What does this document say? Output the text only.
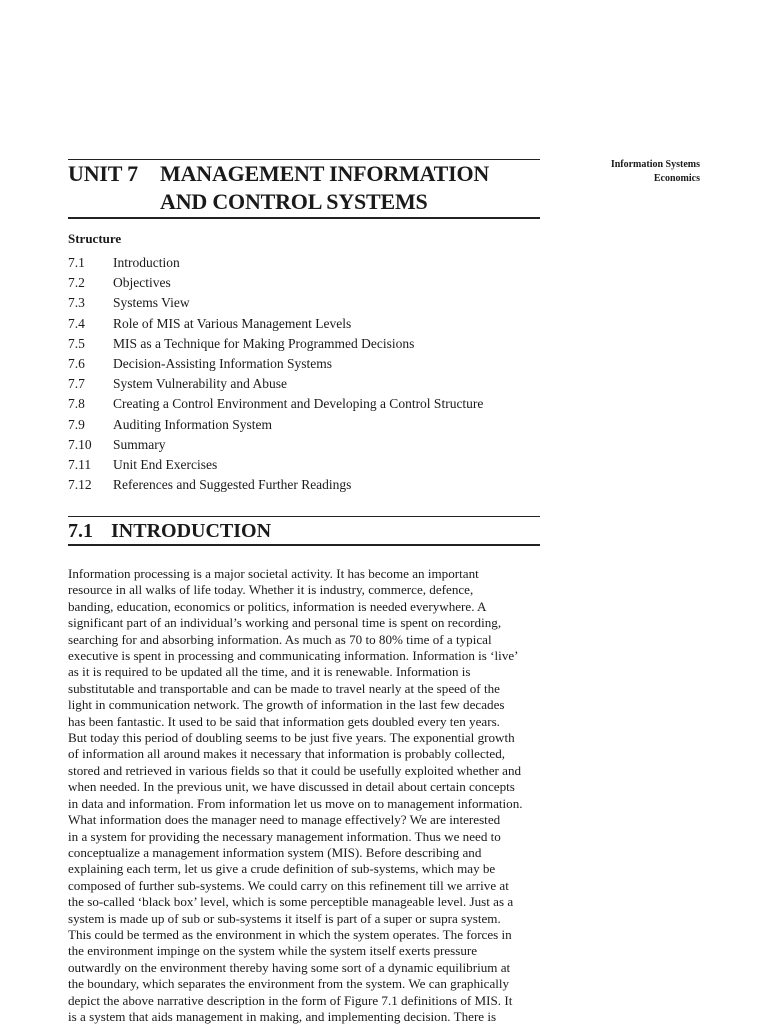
Information Systems
Economics
UNIT 7	MANAGEMENT INFORMATION
AND CONTROL SYSTEMS
Structure
7.1	Introduction
7.2	Objectives
7.3	Systems View
7.4	Role of MIS at Various Management Levels
7.5	MIS as a Technique for Making Programmed Decisions
7.6	Decision-Assisting Information Systems
7.7	System Vulnerability and Abuse
7.8	Creating a Control Environment and Developing a Control Structure
7.9	Auditing Information System
7.10	Summary
7.11	Unit End Exercises
7.12	References and Suggested Further Readings
7.1 INTRODUCTION
Information processing is a major societal activity. It has become an important
resource in all walks of life today. Whether it is industry, commerce, defence,
banding, education, economics or politics, information is needed everywhere. A
significant part of an individual’s working and personal time is spent on recording,
searching for and absorbing information. As much as 70 to 80% time of a typical
executive is spent in processing and communicating information. Information is ‘live’
as it is required to be updated all the time, and it is renewable. Information is
substitutable and transportable and can be made to travel nearly at the speed of the
light in communication network. The growth of information in the last few decades
has been fantastic. It used to be said that information gets doubled every ten years.
But today this period of doubling seems to be just five years. The exponential growth
of information all around makes it necessary that information is probably collected,
stored and retrieved in various fields so that it could be usefully exploited whether and
when needed. In the previous unit, we have discussed in detail about certain concepts
in data and information. From information let us move on to management information.
What information does the manager need to manage effectively? We are interested
in a system for providing the necessary management information. Thus we need to
conceptualize a management information system (MIS). Before describing and
explaining each term, let us give a crude definition of sub-systems, which may be
composed of further sub-systems. We could carry on this refinement till we arrive at
the so-called ‘black box’ level, which is some perceptible manageable level. Just as a
system is made up of sub or sub-systems it itself is part of a super or supra system.
This could be termed as the environment in which the system operates. The forces in
the environment impinge on the system while the system itself exerts pressure
outwardly on the environment thereby having some sort of a dynamic equilibrium at
the boundary, which separates the environment from the system. We can graphically
depict the above narrative description in the form of Figure 7.1 definitions of MIS. It
is a system that aids management in making, and implementing decision. There is
